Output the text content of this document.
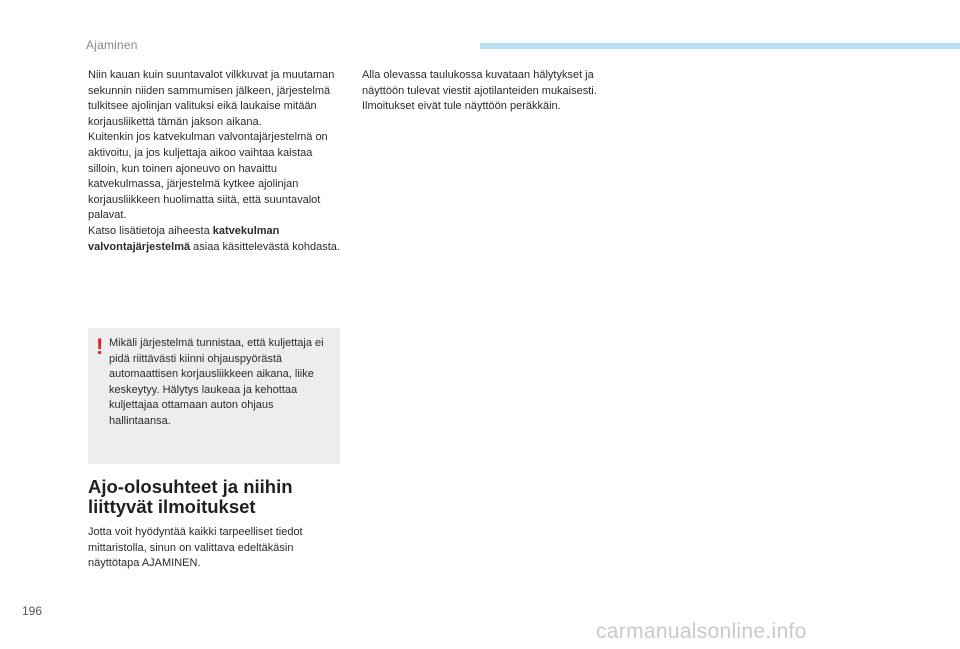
Ajaminen

Niin kauan kuin suuntavalot vilkkuvat ja muutaman sekunnin niiden sammumisen jälkeen, järjestelmä tulkitsee ajolinjan valituksi eikä laukaise mitään korjausliikettä tämän jakson aikana.

Kuitenkin jos katvekulman valvontajärjestelmä on aktivoitu, ja jos kuljettaja aikoo vaihtaa kaistaa silloin, kun toinen ajoneuvo on havaittu katvekulmassa, järjestelmä kytkee ajolinjan korjausliikkeen huolimatta siitä, että suuntavalot palavat.

Katso lisätietoja aiheesta katvekulman valvontajärjestelmä asiaa käsittelevästä kohdasta.

! Mikäli järjestelmä tunnistaa, että kuljettaja ei pidä riittävästi kiinni ohjauspyörästä automaattisen korjausliikkeen aikana, liike keskeytyy. Hälytys laukeaa ja kehottaa kuljettajaa ottamaan auton ohjaus hallintaansa.

Ajo-olosuhteet ja niihin
liittyvät ilmoitukset

Jotta voit hyödyntää kaikki tarpeelliset tiedot mittaristolla, sinun on valittava edeltäkäsin näyttötapa AJAMINEN.

Alla olevassa taulukossa kuvataan hälytykset ja näyttöön tulevat viestit ajotilanteiden mukaisesti.

Ilmoitukset eivät tule näyttöön peräkkäin.

196
carmanualsonline.info
